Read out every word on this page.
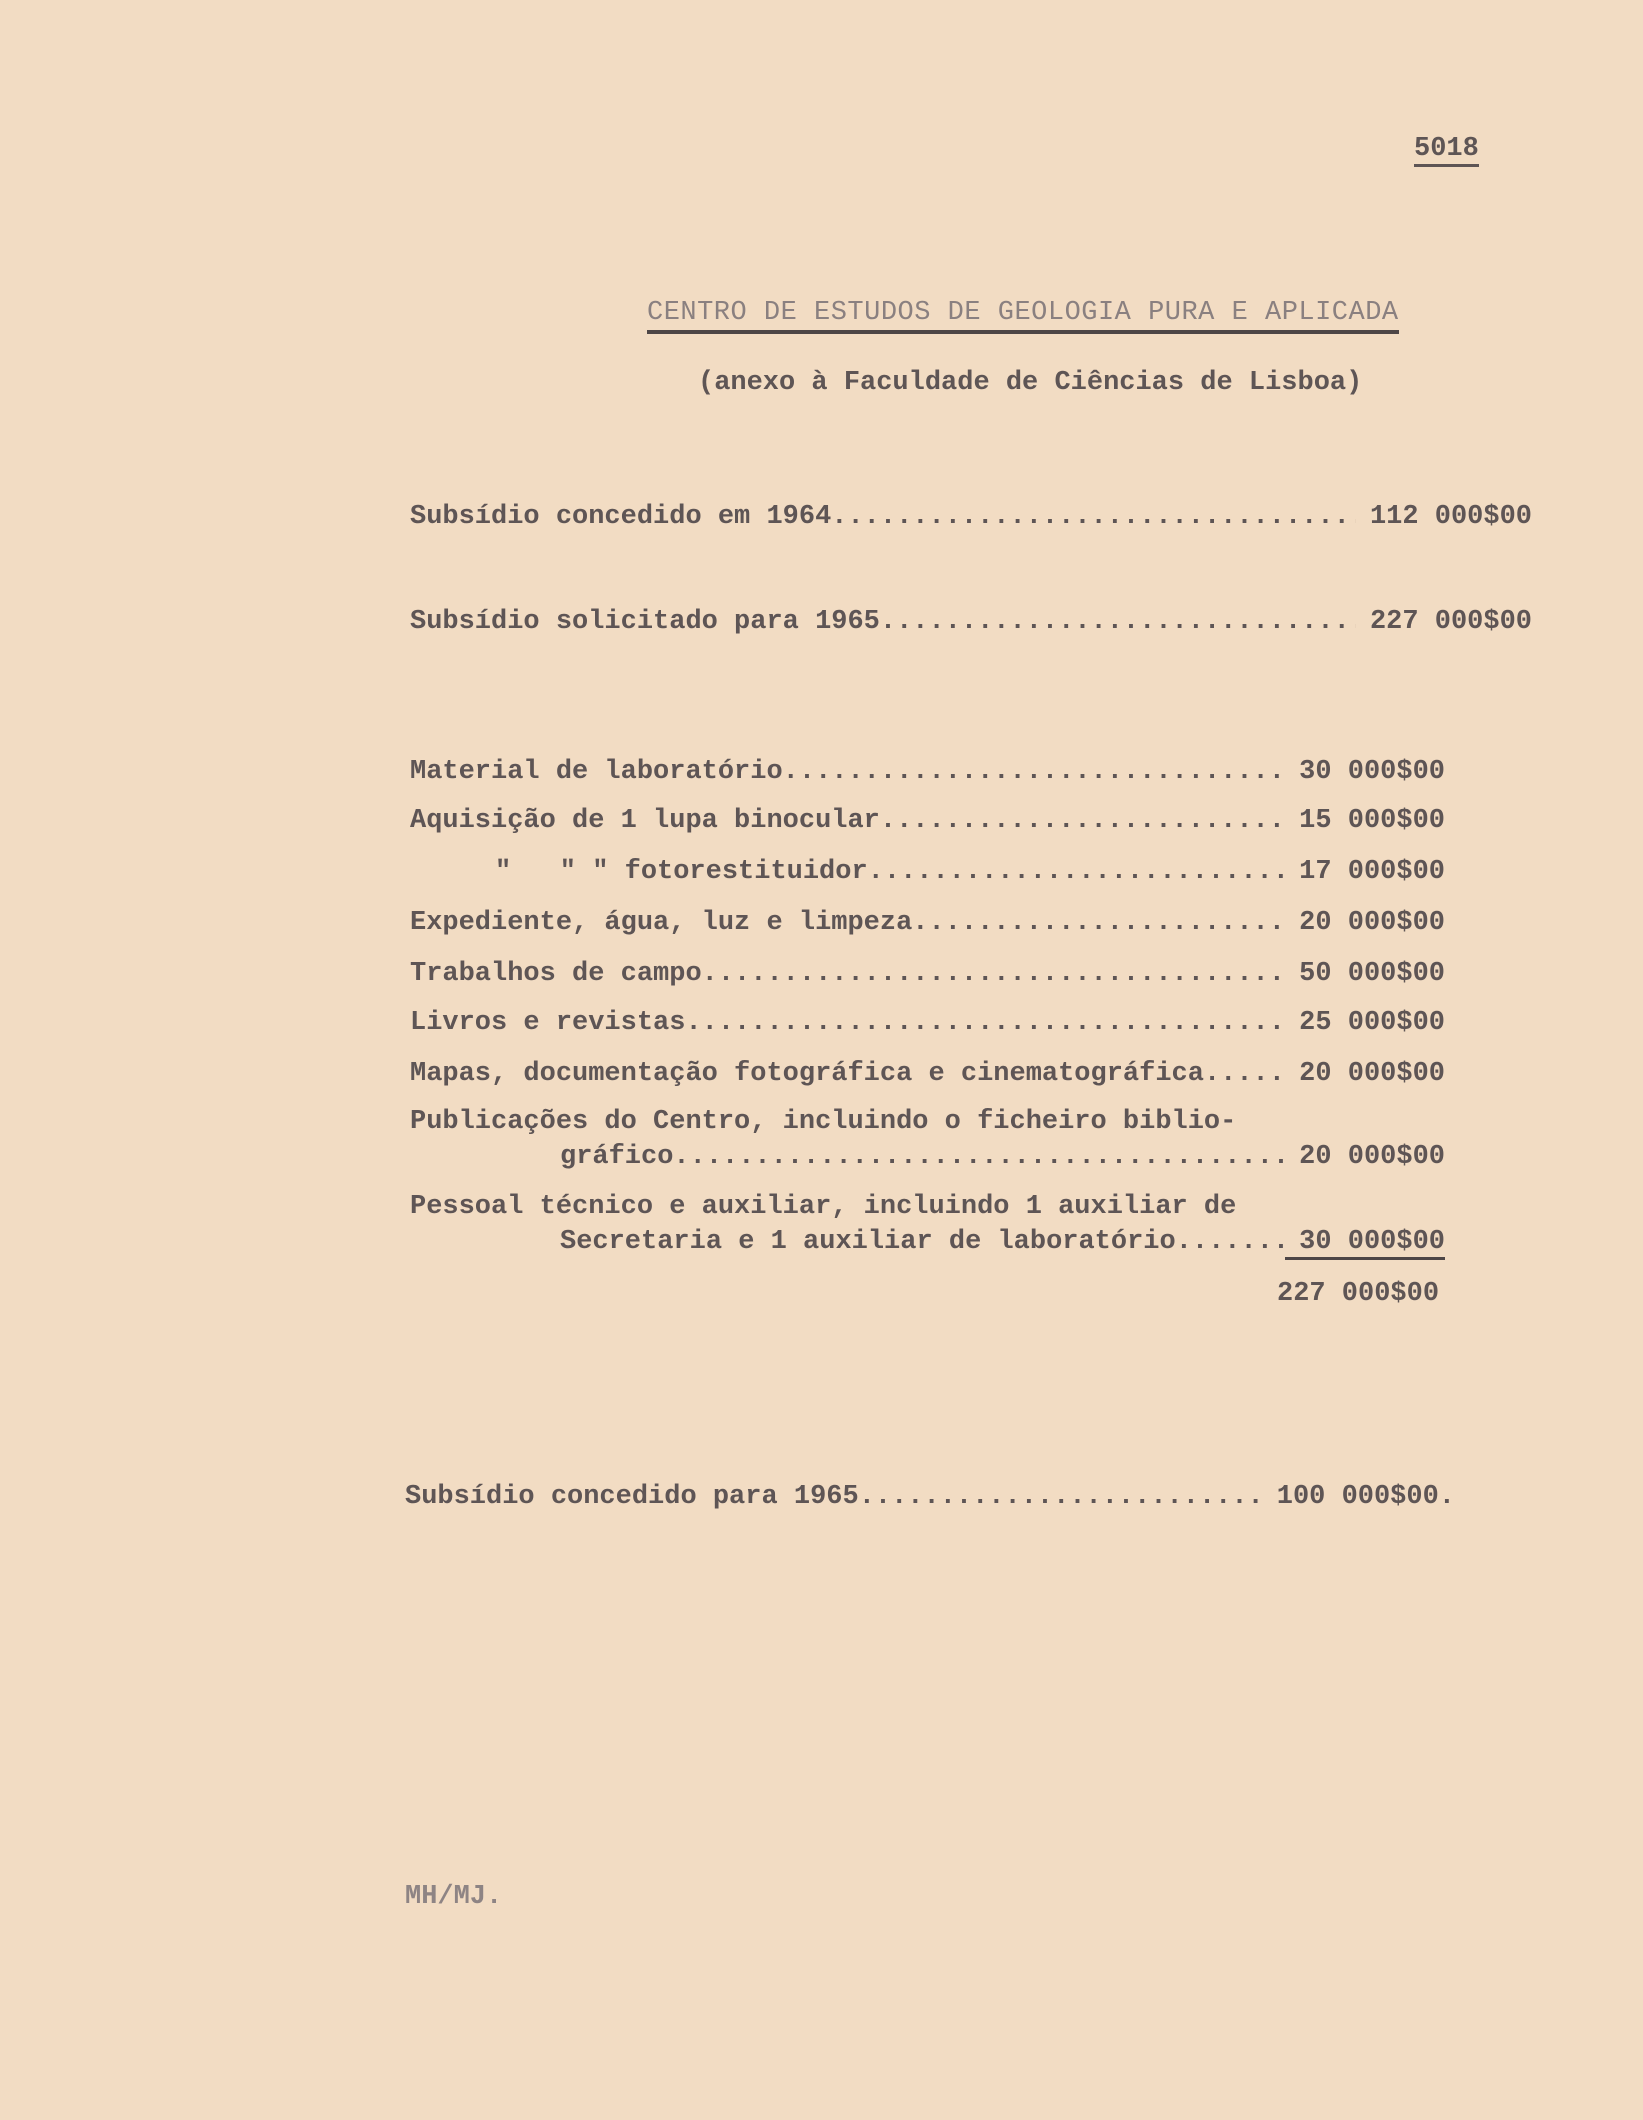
5018
CENTRO DE ESTUDOS DE GEOLOGIA PURA E APLICADA
(anexo à Faculdade de Ciências de Lisboa)
Subsídio concedido em 1964 .....	112 000$00
Subsídio solicitado para 1965 .....	227 000$00
Material de laboratório .....	30 000$00
Aquisição de 1 lupa binocular .....	15 000$00
"   " " fotorestituidor .....	17 000$00
Expediente, água, luz e limpeza .....	20 000$00
Trabalhos de campo .....	50 000$00
Livros e revistas .....	25 000$00
Mapas, documentação fotográfica e cinematográfica .....	20 000$00
Publicações do Centro, incluindo o ficheiro biblio-
gráfico .....	20 000$00
Pessoal técnico e auxiliar, incluindo 1 auxiliar de
Secretaria e 1 auxiliar de laboratório .....	30 000$00
227 000$00
Subsídio concedido para 1965 .....	100 000$00.
MH/MJ.
